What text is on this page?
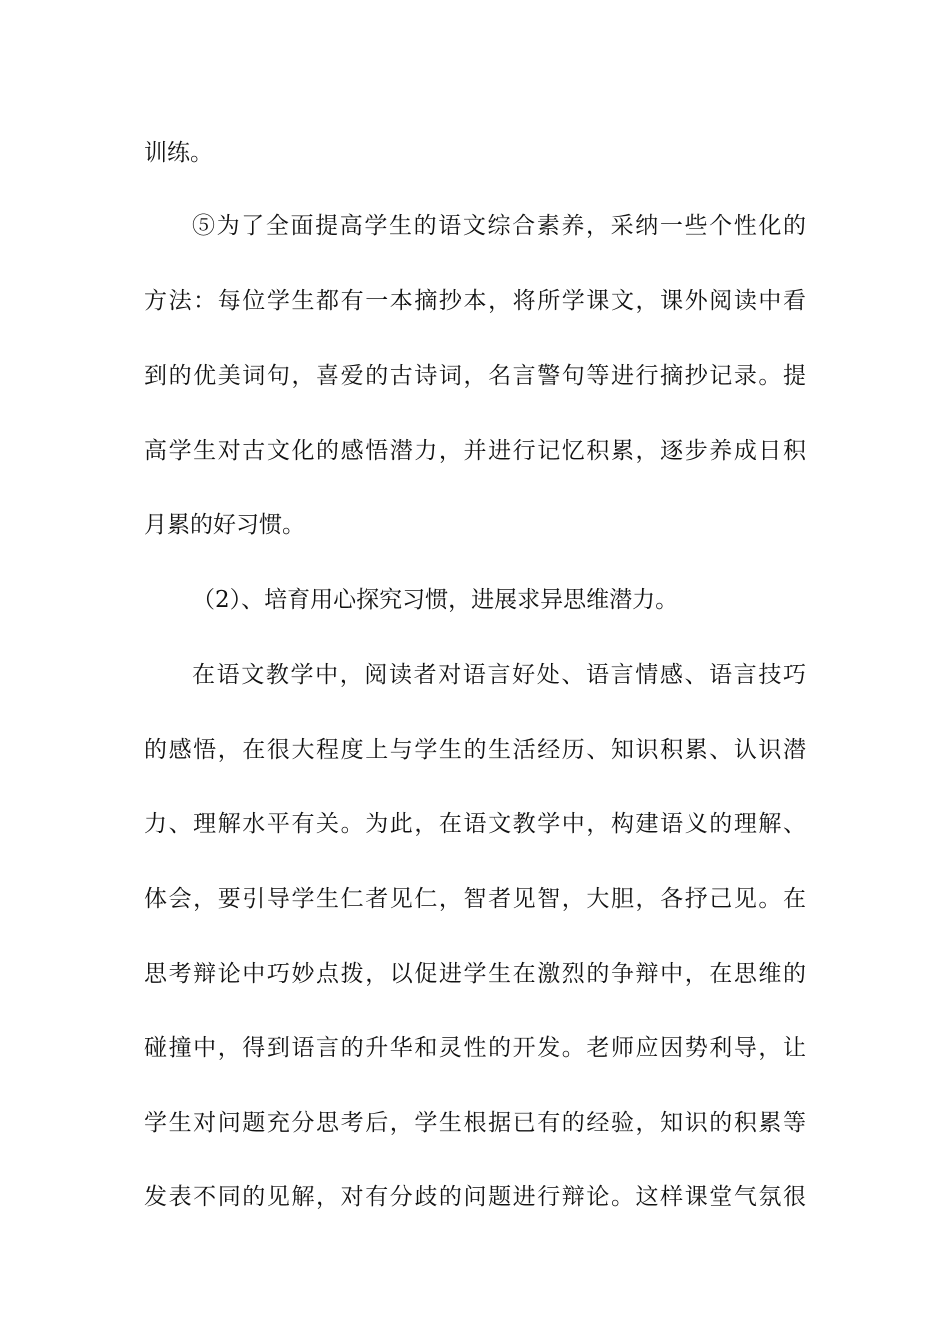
训练。
⑤为了全面提高学生的语文综合素养，采纳一些个性化的
方法：每位学生都有一本摘抄本，将所学课文，课外阅读中看
到的优美词句，喜爱的古诗词，名言警句等进行摘抄记录。提
高学生对古文化的感悟潜力，并进行记忆积累，逐步养成日积
月累的好习惯。
（2）、培育用心探究习惯，进展求异思维潜力。
在语文教学中，阅读者对语言好处、语言情感、语言技巧
的感悟，在很大程度上与学生的生活经历、知识积累、认识潜
力、理解水平有关。为此，在语文教学中，构建语义的理解、
体会，要引导学生仁者见仁，智者见智，大胆，各抒己见。在
思考辩论中巧妙点拨，以促进学生在激烈的争辩中，在思维的
碰撞中，得到语言的升华和灵性的开发。老师应因势利导，让
学生对问题充分思考后，学生根据已有的经验，知识的积累等
发表不同的见解，对有分歧的问题进行辩论。这样课堂气氛很
